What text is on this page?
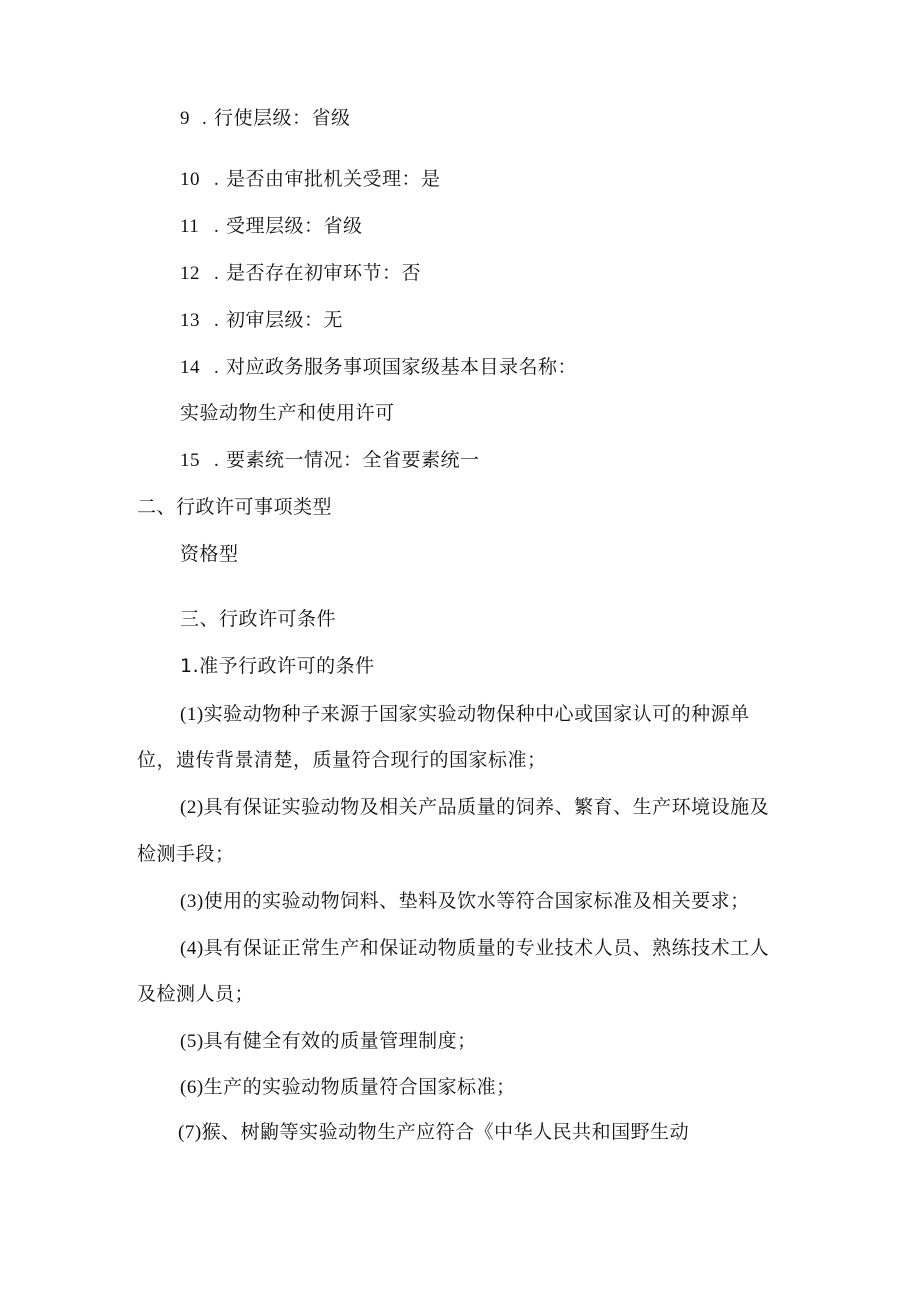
9 . 行使层级：省级
10 . 是否由审批机关受理：是
11 . 受理层级：省级
12 . 是否存在初审环节：否
13 . 初审层级：无
14 . 对应政务服务事项国家级基本目录名称：
实验动物生产和使用许可
15 . 要素统一情况：全省要素统一
二、行政许可事项类型
资格型
三、行政许可条件
1.准予行政许可的条件
(1)实验动物种子来源于国家实验动物保种中心或国家认可的种源单
位，遗传背景清楚，质量符合现行的国家标准；
(2)具有保证实验动物及相关产品质量的饲养、繁育、生产环境设施及
检测手段；
(3)使用的实验动物饲料、垫料及饮水等符合国家标准及相关要求；
(4)具有保证正常生产和保证动物质量的专业技术人员、熟练技术工人
及检测人员；
(5)具有健全有效的质量管理制度；
(6)生产的实验动物质量符合国家标准；
(7)猴、树鼩等实验动物生产应符合《中华人民共和国野生动
